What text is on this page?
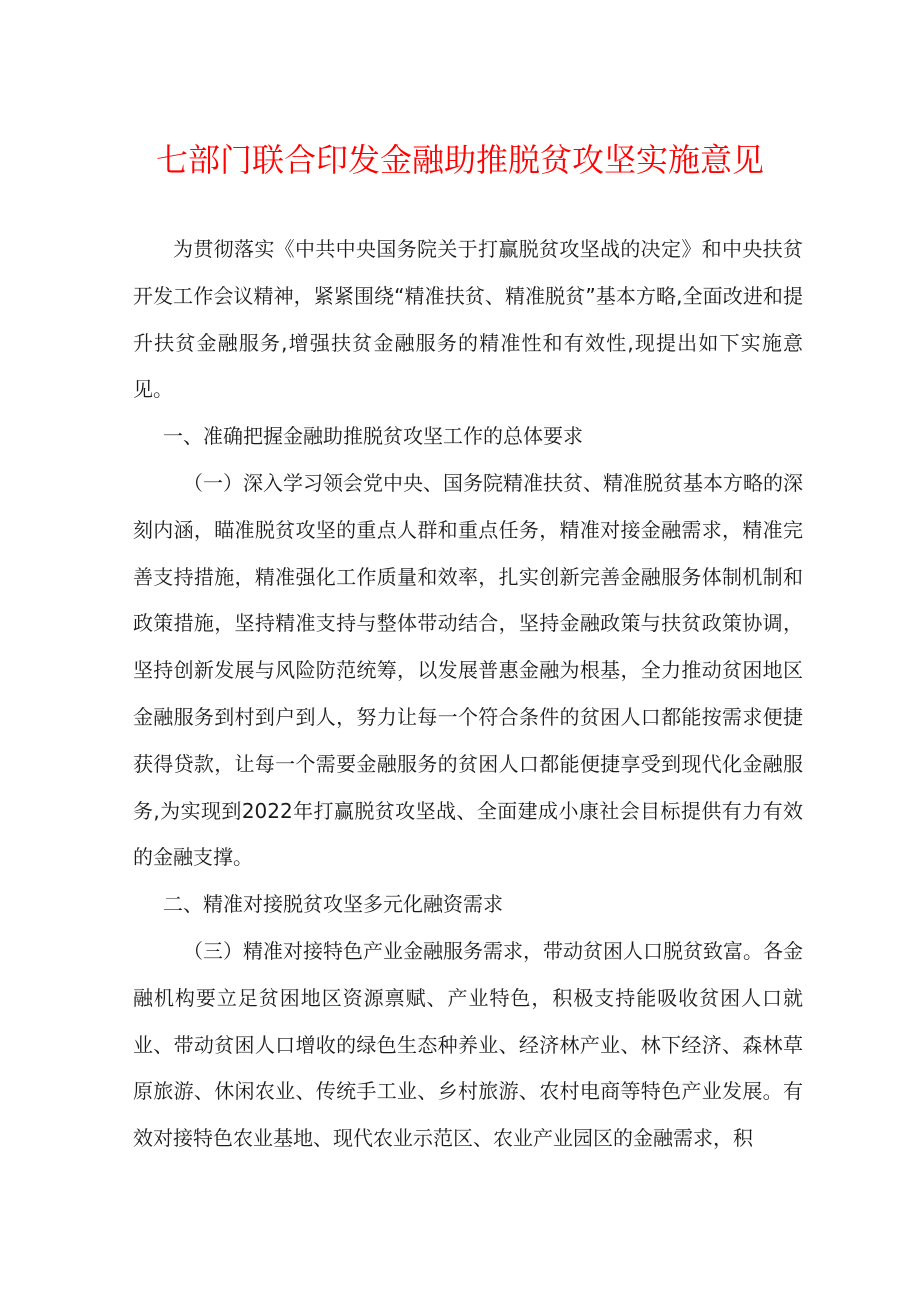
七部门联合印发金融助推脱贫攻坚实施意见

为贯彻落实《中共中央国务院关于打赢脱贫攻坚战的决定》和中央扶贫开发工作会议精神，紧紧围绕“精准扶贫、精准脱贫”基本方略,全面改进和提升扶贫金融服务,增强扶贫金融服务的精准性和有效性,现提出如下实施意见。

一、准确把握金融助推脱贫攻坚工作的总体要求

（一）深入学习领会党中央、国务院精准扶贫、精准脱贫基本方略的深刻内涵，瞄准脱贫攻坚的重点人群和重点任务，精准对接金融需求，精准完善支持措施，精准强化工作质量和效率，扎实创新完善金融服务体制机制和政策措施，坚持精准支持与整体带动结合，坚持金融政策与扶贫政策协调，坚持创新发展与风险防范统筹，以发展普惠金融为根基，全力推动贫困地区金融服务到村到户到人，努力让每一个符合条件的贫困人口都能按需求便捷获得贷款，让每一个需要金融服务的贫困人口都能便捷享受到现代化金融服务,为实现到2022年打赢脱贫攻坚战、全面建成小康社会目标提供有力有效的金融支撑。

二、精准对接脱贫攻坚多元化融资需求

（三）精准对接特色产业金融服务需求，带动贫困人口脱贫致富。各金融机构要立足贫困地区资源禀赋、产业特色，积极支持能吸收贫困人口就业、带动贫困人口增收的绿色生态种养业、经济林产业、林下经济、森林草原旅游、休闲农业、传统手工业、乡村旅游、农村电商等特色产业发展。有效对接特色农业基地、现代农业示范区、农业产业园区的金融需求，积
